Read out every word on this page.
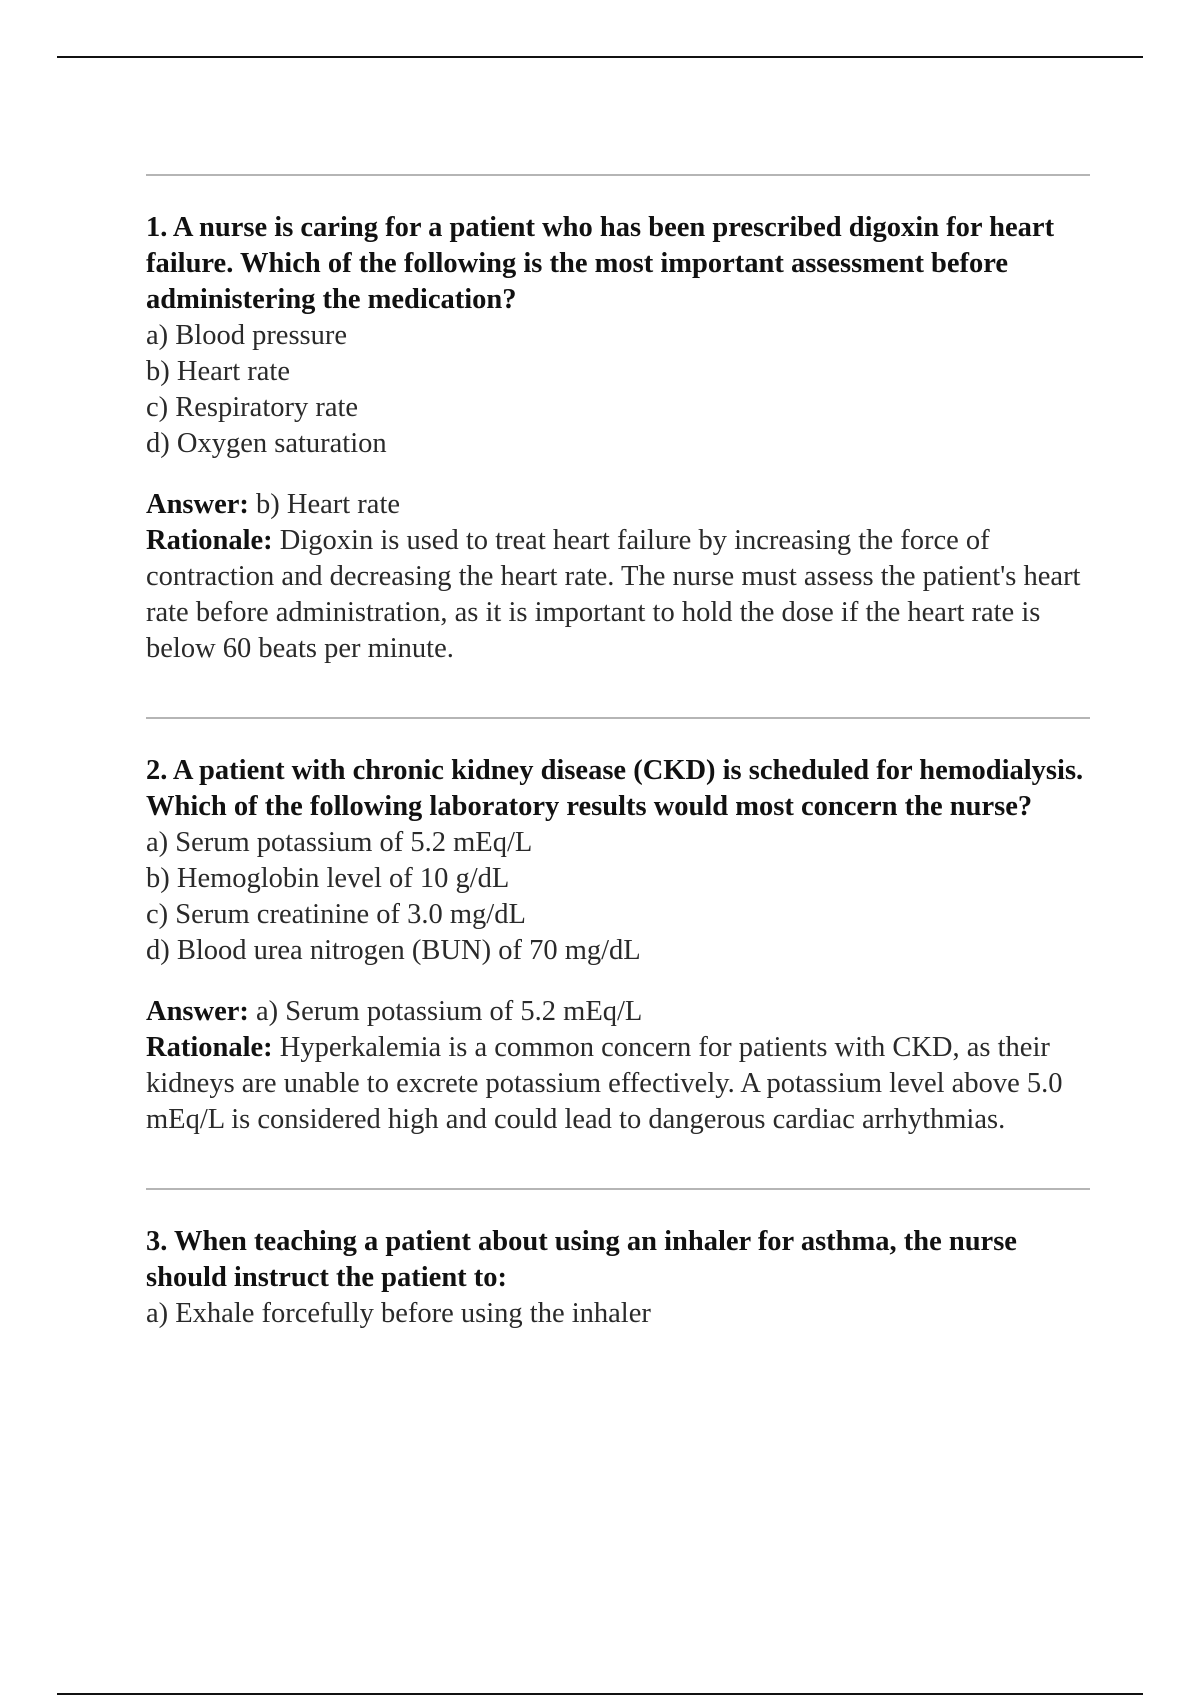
1. A nurse is caring for a patient who has been prescribed digoxin for heart failure. Which of the following is the most important assessment before administering the medication?

a) Blood pressure
b) Heart rate
c) Respiratory rate
d) Oxygen saturation

Answer: b) Heart rate

Rationale: Digoxin is used to treat heart failure by increasing the force of contraction and decreasing the heart rate. The nurse must assess the patient's heart rate before administration, as it is important to hold the dose if the heart rate is below 60 beats per minute.

2. A patient with chronic kidney disease (CKD) is scheduled for hemodialysis. Which of the following laboratory results would most concern the nurse?

a) Serum potassium of 5.2 mEq/L
b) Hemoglobin level of 10 g/dL
c) Serum creatinine of 3.0 mg/dL
d) Blood urea nitrogen (BUN) of 70 mg/dL

Answer: a) Serum potassium of 5.2 mEq/L

Rationale: Hyperkalemia is a common concern for patients with CKD, as their kidneys are unable to excrete potassium effectively. A potassium level above 5.0 mEq/L is considered high and could lead to dangerous cardiac arrhythmias.

3. When teaching a patient about using an inhaler for asthma, the nurse should instruct the patient to:

a) Exhale forcefully before using the inhaler
